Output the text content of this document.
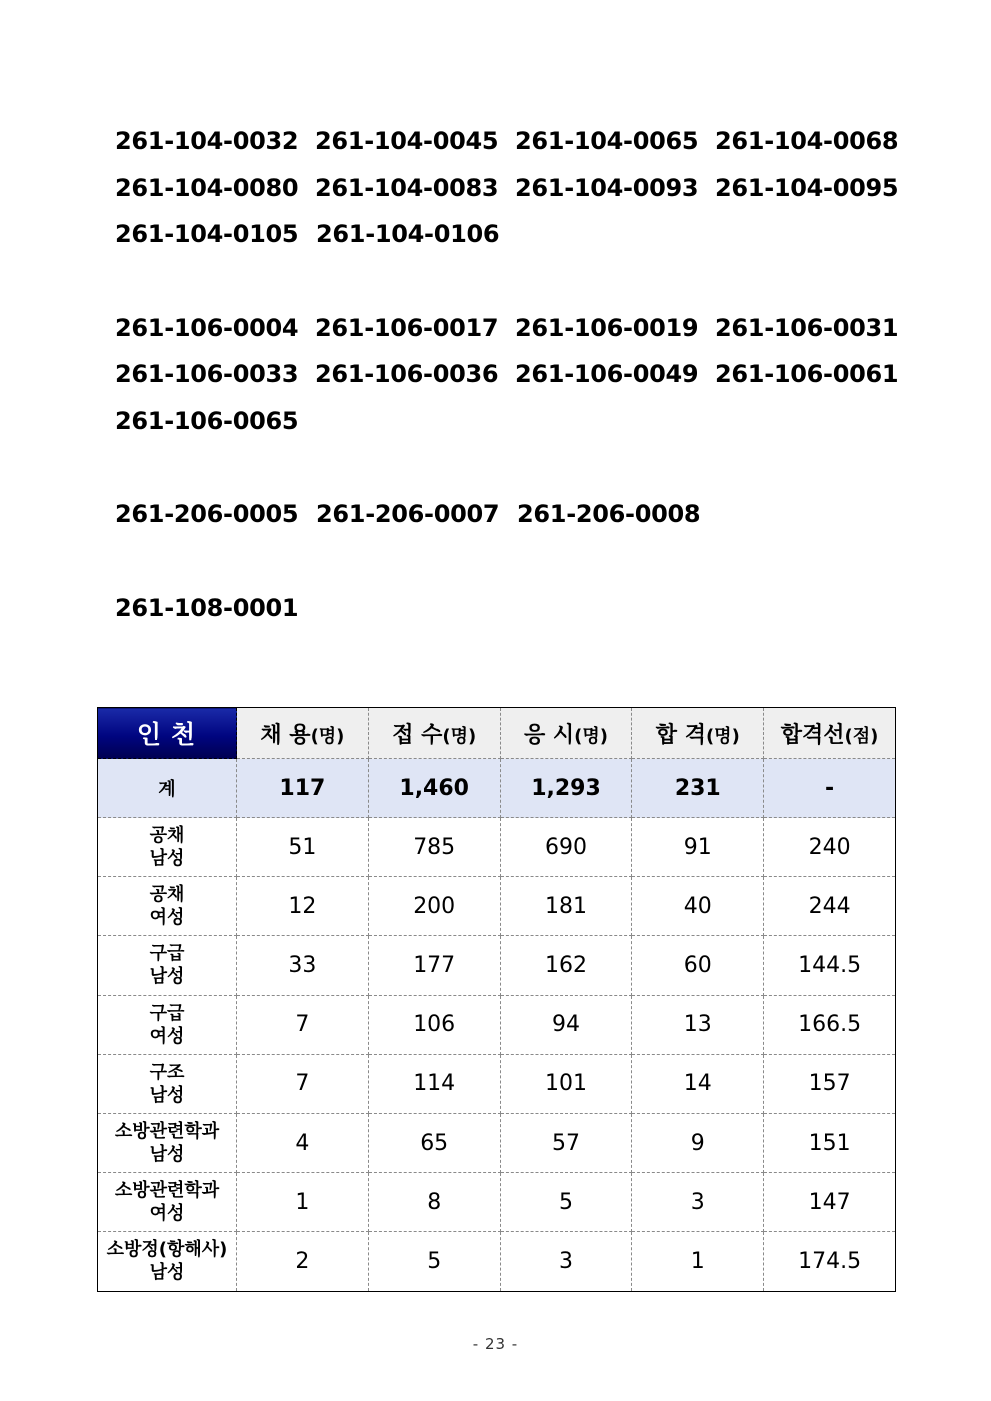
261-104-0032 261-104-0045 261-104-0065 261-104-0068
261-104-0080 261-104-0083 261-104-0093 261-104-0095
261-104-0105 261-104-0106
261-106-0004 261-106-0017 261-106-0019 261-106-0031
261-106-0033 261-106-0036 261-106-0049 261-106-0061
261-106-0065
261-206-0005 261-206-0007 261-206-0008
261-108-0001
인천	채 용(명)	접 수(명)	응 시(명)	합 격(명)	합격선(점)
계	117	1,460	1,293	231	-

공채
남성	51	785	690	91	240

공채
여성	12	200	181	40	244

구급
남성	33	177	162	60	144.5

구급
여성	7	106	94	13	166.5

구조
남성	7	114	101	14	157

소방관련학과
남성	4	65	57	9	151

소방관련학과
여성	1	8	5	3	147

소방정(항해사)
남성	2	5	3	1	174.5
- 23 -
